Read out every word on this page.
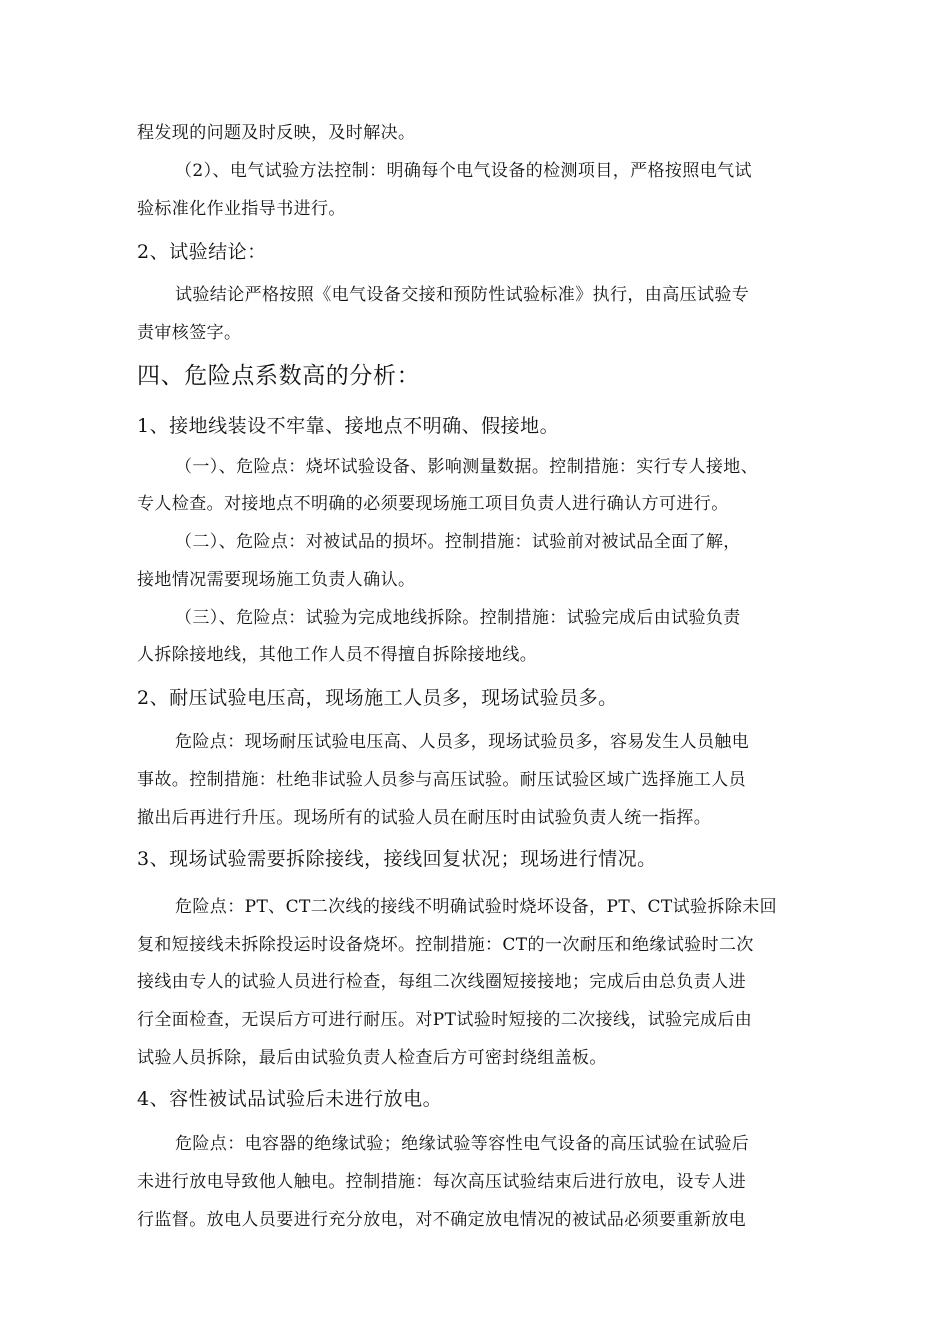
程发现的问题及时反映，及时解决。
（2）、电气试验方法控制：明确每个电气设备的检测项目，严格按照电气试
验标准化作业指导书进行。
2、试验结论：
试验结论严格按照《电气设备交接和预防性试验标准》执行，由高压试验专
责审核签字。
四、危险点系数高的分析：
1、接地线装设不牢靠、接地点不明确、假接地。
（一）、危险点：烧坏试验设备、影响测量数据。控制措施：实行专人接地、
专人检查。对接地点不明确的必须要现场施工项目负责人进行确认方可进行。
（二）、危险点：对被试品的损坏。控制措施：试验前对被试品全面了解，
接地情况需要现场施工负责人确认。
（三）、危险点：试验为完成地线拆除。控制措施：试验完成后由试验负责
人拆除接地线，其他工作人员不得擅自拆除接地线。
2、耐压试验电压高，现场施工人员多，现场试验员多。
危险点：现场耐压试验电压高、人员多，现场试验员多，容易发生人员触电
事故。控制措施：杜绝非试验人员参与高压试验。耐压试验区域广选择施工人员
撤出后再进行升压。现场所有的试验人员在耐压时由试验负责人统一指挥。
3、现场试验需要拆除接线，接线回复状况；现场进行情况。
危险点：PT、CT二次线的接线不明确试验时烧坏设备，PT、CT试验拆除未回
复和短接线未拆除投运时设备烧坏。控制措施：CT的一次耐压和绝缘试验时二次
接线由专人的试验人员进行检查，每组二次线圈短接接地；完成后由总负责人进
行全面检查，无误后方可进行耐压。对PT试验时短接的二次接线，试验完成后由
试验人员拆除，最后由试验负责人检查后方可密封绕组盖板。
4、容性被试品试验后未进行放电。
危险点：电容器的绝缘试验；绝缘试验等容性电气设备的高压试验在试验后
未进行放电导致他人触电。控制措施：每次高压试验结束后进行放电，设专人进
行监督。放电人员要进行充分放电，对不确定放电情况的被试品必须要重新放电
